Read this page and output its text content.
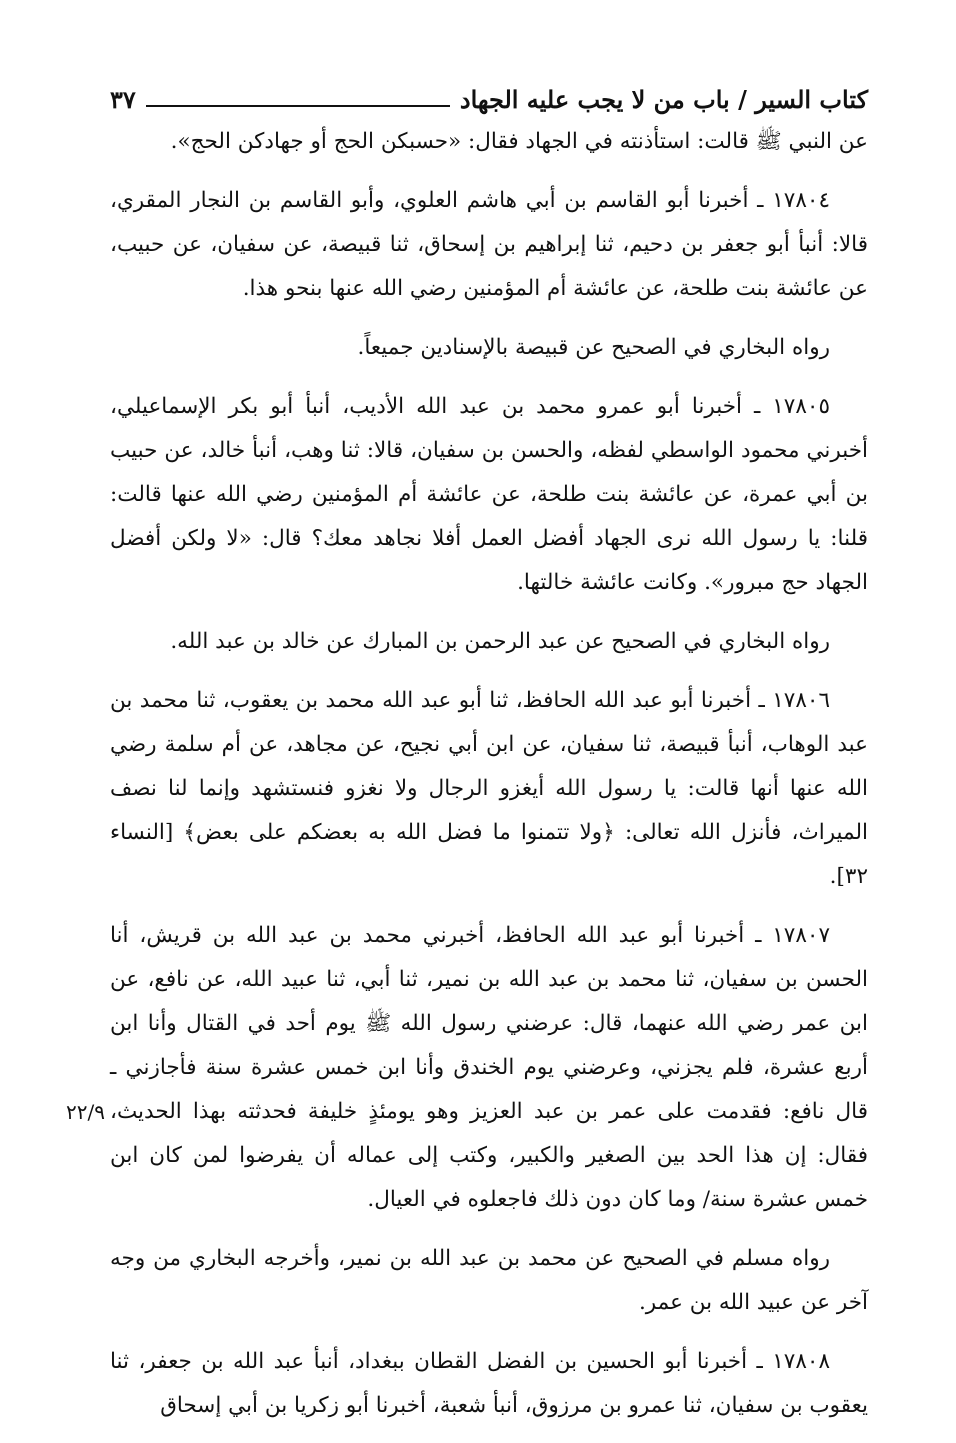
كتاب السير / باب من لا يجب عليه الجهاد
٣٧
٢٢/٩

عن النبي ﷺ قالت: استأذنته في الجهاد فقال: «حسبكن الحج أو جهادكن الحج».

١٧٨٠٤ ـ أخبرنا أبو القاسم بن أبي هاشم العلوي، وأبو القاسم بن النجار المقري، قالا: أنبأ أبو جعفر بن دحيم، ثنا إبراهيم بن إسحاق، ثنا قبيصة، عن سفيان، عن حبيب، عن عائشة بنت طلحة، عن عائشة أم المؤمنين رضي الله عنها بنحو هذا.

رواه البخاري في الصحيح عن قبيصة بالإسنادين جميعاً.

١٧٨٠٥ ـ أخبرنا أبو عمرو محمد بن عبد الله الأديب، أنبأ أبو بكر الإسماعيلي، أخبرني محمود الواسطي لفظه، والحسن بن سفيان، قالا: ثنا وهب، أنبأ خالد، عن حبيب بن أبي عمرة، عن عائشة بنت طلحة، عن عائشة أم المؤمنين رضي الله عنها قالت: قلنا: يا رسول الله نرى الجهاد أفضل العمل أفلا نجاهد معك؟ قال: «لا ولكن أفضل الجهاد حج مبرور». وكانت عائشة خالتها.

رواه البخاري في الصحيح عن عبد الرحمن بن المبارك عن خالد بن عبد الله.

١٧٨٠٦ ـ أخبرنا أبو عبد الله الحافظ، ثنا أبو عبد الله محمد بن يعقوب، ثنا محمد بن عبد الوهاب، أنبأ قبيصة، ثنا سفيان، عن ابن أبي نجيح، عن مجاهد، عن أم سلمة رضي الله عنها أنها قالت: يا رسول الله أيغزو الرجال ولا نغزو فنستشهد وإنما لنا نصف الميراث، فأنزل الله تعالى: ﴿ولا تتمنوا ما فضل الله به بعضكم على بعض﴾ [النساء ٣٢].

١٧٨٠٧ ـ أخبرنا أبو عبد الله الحافظ، أخبرني محمد بن عبد الله بن قريش، أنا الحسن بن سفيان، ثنا محمد بن عبد الله بن نمير، ثنا أبي، ثنا عبيد الله، عن نافع، عن ابن عمر رضي الله عنهما، قال: عرضني رسول الله ﷺ يوم أحد في القتال وأنا ابن أربع عشرة، فلم يجزني، وعرضني يوم الخندق وأنا ابن خمس عشرة سنة فأجازني ـ قال نافع: فقدمت على عمر بن عبد العزيز وهو يومئذٍ خليفة فحدثته بهذا الحديث، فقال: إن هذا الحد بين الصغير والكبير، وكتب إلى عماله أن يفرضوا لمن كان ابن خمس عشرة سنة/ وما كان دون ذلك فاجعلوه في العيال.

رواه مسلم في الصحيح عن محمد بن عبد الله بن نمير، وأخرجه البخاري من وجه آخر عن عبيد الله بن عمر.

١٧٨٠٨ ـ أخبرنا أبو الحسين بن الفضل القطان ببغداد، أنبأ عبد الله بن جعفر، ثنا يعقوب بن سفيان، ثنا عمرو بن مرزوق، أنبأ شعبة، أخبرنا أبو زكريا بن أبي إسحاق
